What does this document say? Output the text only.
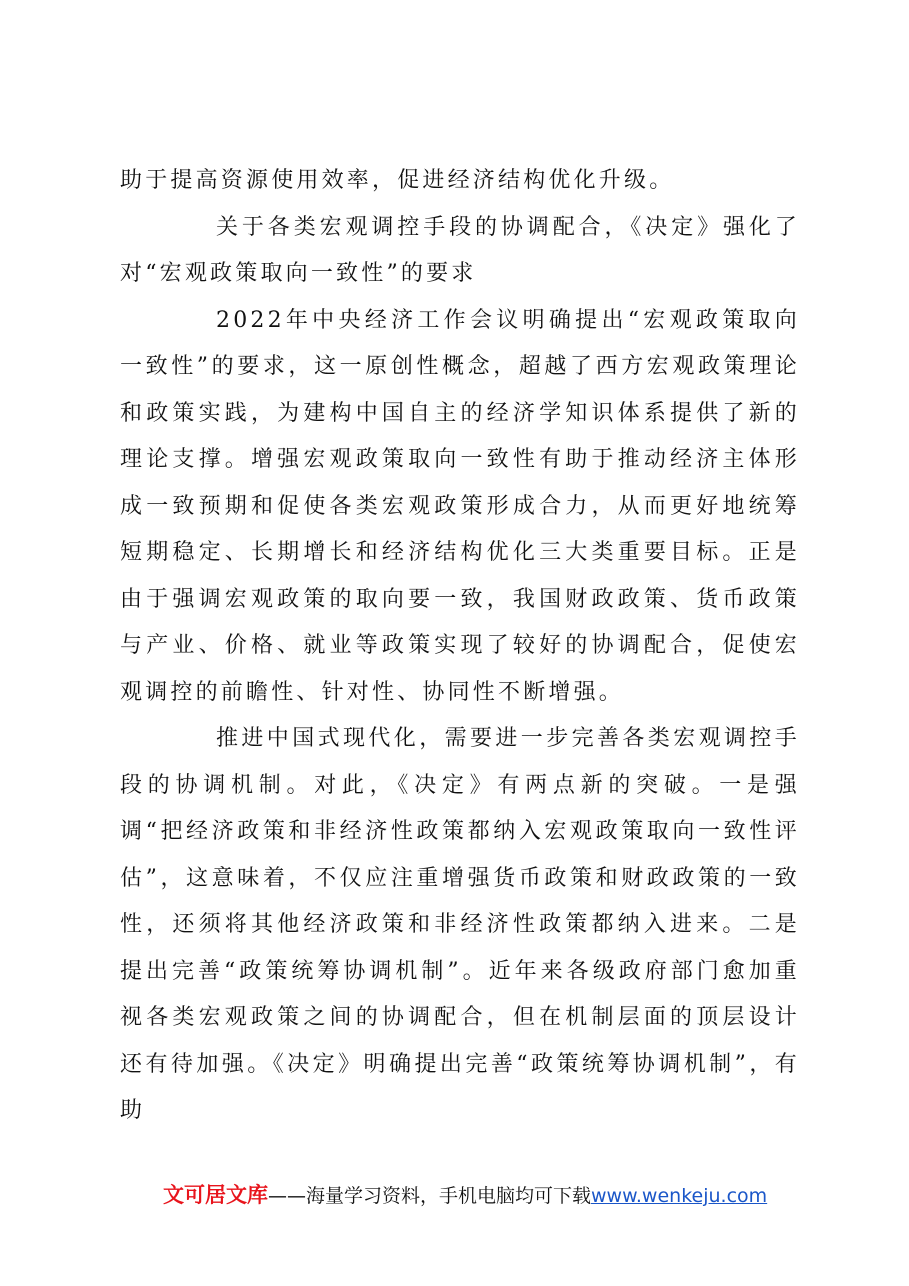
助于提高资源使用效率，促进经济结构优化升级。

关于各类宏观调控手段的协调配合，《决定》强化了对“宏观政策取向一致性”的要求

2022年中央经济工作会议明确提出“宏观政策取向一致性”的要求，这一原创性概念，超越了西方宏观政策理论和政策实践，为建构中国自主的经济学知识体系提供了新的理论支撑。增强宏观政策取向一致性有助于推动经济主体形成一致预期和促使各类宏观政策形成合力，从而更好地统筹短期稳定、长期增长和经济结构优化三大类重要目标。正是由于强调宏观政策的取向要一致，我国财政政策、货币政策与产业、价格、就业等政策实现了较好的协调配合，促使宏观调控的前瞻性、针对性、协同性不断增强。

推进中国式现代化，需要进一步完善各类宏观调控手段的协调机制。对此，《决定》有两点新的突破。一是强调“把经济政策和非经济性政策都纳入宏观政策取向一致性评估”，这意味着，不仅应注重增强货币政策和财政政策的一致性，还须将其他经济政策和非经济性政策都纳入进来。二是提出完善“政策统筹协调机制”。近年来各级政府部门愈加重视各类宏观政策之间的协调配合，但在机制层面的顶层设计还有待加强。《决定》明确提出完善“政策统筹协调机制”，有助

文可居文库——海量学习资料，手机电脑均可下载www.wenkeju.com
